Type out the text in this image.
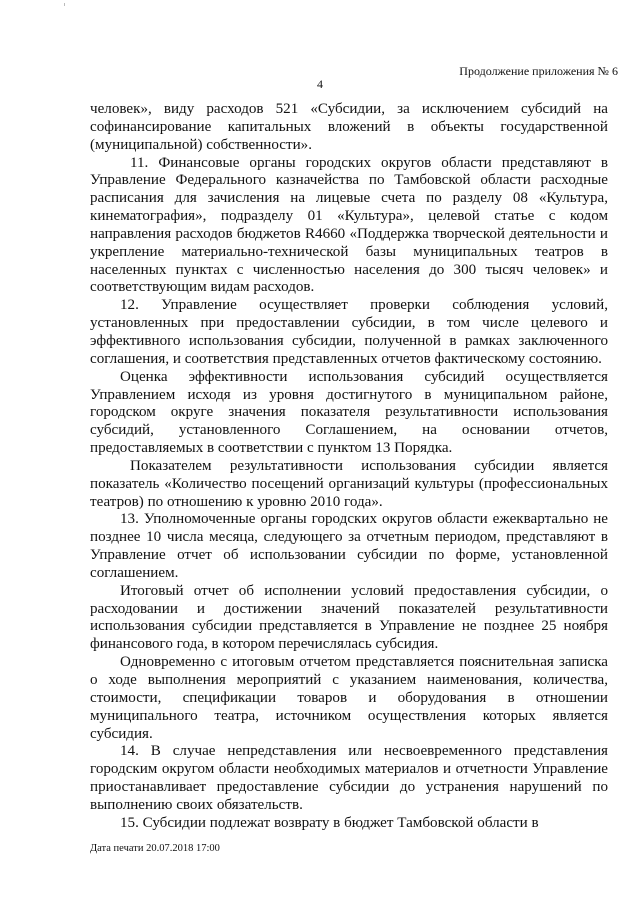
Продолжение приложения № 6
4

человек», виду расходов 521 «Субсидии, за исключением субсидий на софинансирование капитальных вложений в объекты государственной (муниципальной) собственности».

11. Финансовые органы городских округов области представляют в Управление Федерального казначейства по Тамбовской области расходные расписания для зачисления на лицевые счета по разделу 08 «Культура, кинематография», подразделу 01 «Культура», целевой статье с кодом направления расходов бюджетов R4660 «Поддержка творческой деятельности и укрепление материально-технической базы муниципальных театров в населенных пунктах с численностью населения до 300 тысяч человек» и соответствующим видам расходов.

12. Управление осуществляет проверки соблюдения условий, установленных при предоставлении субсидии, в том числе целевого и эффективного использования субсидии, полученной в рамках заключенного соглашения, и соответствия представленных отчетов фактическому состоянию.

Оценка эффективности использования субсидий осуществляется Управлением исходя из уровня достигнутого в муниципальном районе, городском округе значения показателя результативности использования субсидий, установленного Соглашением, на основании отчетов, предоставляемых в соответствии с пунктом 13 Порядка.

Показателем результативности использования субсидии является показатель «Количество посещений организаций культуры (профессиональных театров) по отношению к уровню 2010 года».

13. Уполномоченные органы городских округов области ежеквартально не позднее 10 числа месяца, следующего за отчетным периодом, представляют в Управление отчет об использовании субсидии по форме, установленной соглашением.

Итоговый отчет об исполнении условий предоставления субсидии, о расходовании и достижении значений показателей результативности использования субсидии представляется в Управление не позднее 25 ноября финансового года, в котором перечислялась субсидия.

Одновременно с итоговым отчетом представляется пояснительная записка о ходе выполнения мероприятий с указанием наименования, количества, стоимости, спецификации товаров и оборудования в отношении муниципального театра, источником осуществления которых является субсидия.

14. В случае непредставления или несвоевременного представления городским округом области необходимых материалов и отчетности Управление приостанавливает предоставление субсидии до устранения нарушений по выполнению своих обязательств.

15. Субсидии подлежат возврату в бюджет Тамбовской области в

Дата печати 20.07.2018 17:00
